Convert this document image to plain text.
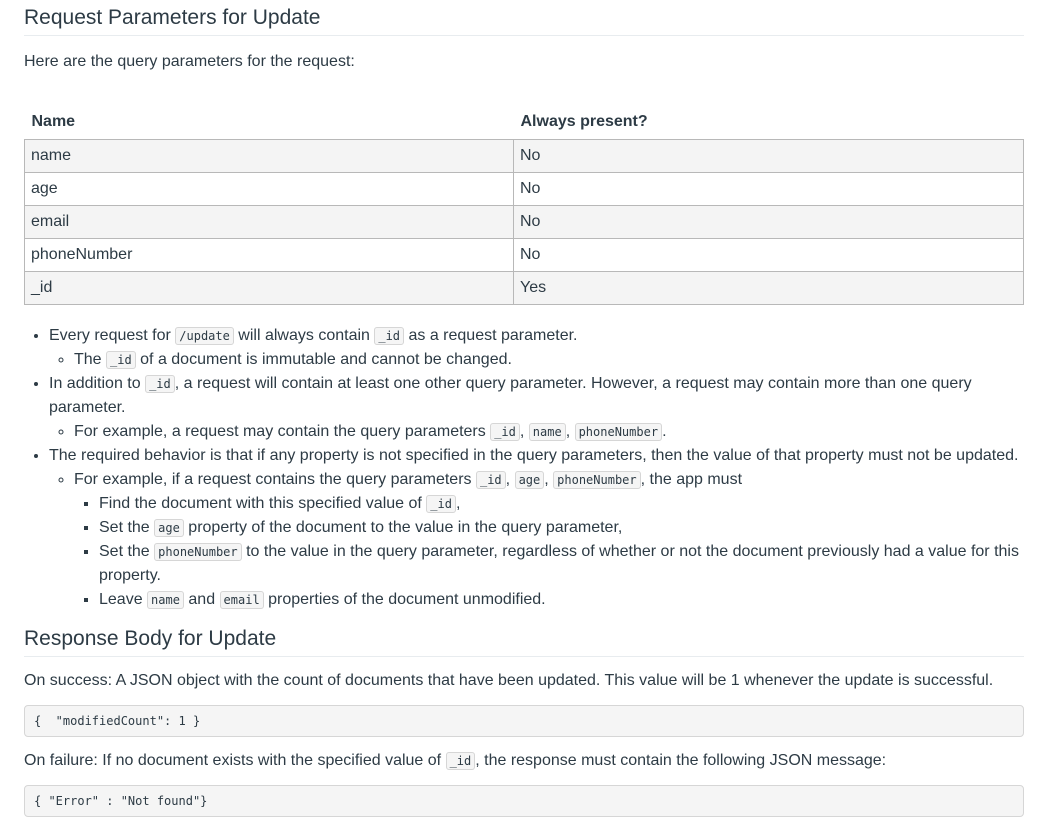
Request Parameters for Update

Here are the query parameters for the request:

Name	Always present?
name	No
age	No
email	No
phoneNumber	No
_id	Yes
• Every request for /update will always contain _id as a request parameter.
◦ The _id of a document is immutable and cannot be changed.
• In addition to _id , a request will contain at least one other query parameter. However, a request may contain more than one query parameter.
◦ For example, a request may contain the query parameters _id , name , phoneNumber .
• The required behavior is that if any property is not specified in the query parameters, then the value of that property must not be updated.
◦ For example, if a request contains the query parameters _id , age , phoneNumber , the app must
▪ Find the document with this specified value of _id ,
▪ Set the age property of the document to the value in the query parameter,
▪ Set the phoneNumber to the value in the query parameter, regardless of whether or not the document previously had a value for this property.
▪ Leave name and email properties of the document unmodified.
Response Body for Update

On success: A JSON object with the count of documents that have been updated. This value will be 1 whenever the update is successful.

{  "modifiedCount": 1 }

On failure: If no document exists with the specified value of _id , the response must contain the following JSON message:

{ "Error" : "Not found"}
